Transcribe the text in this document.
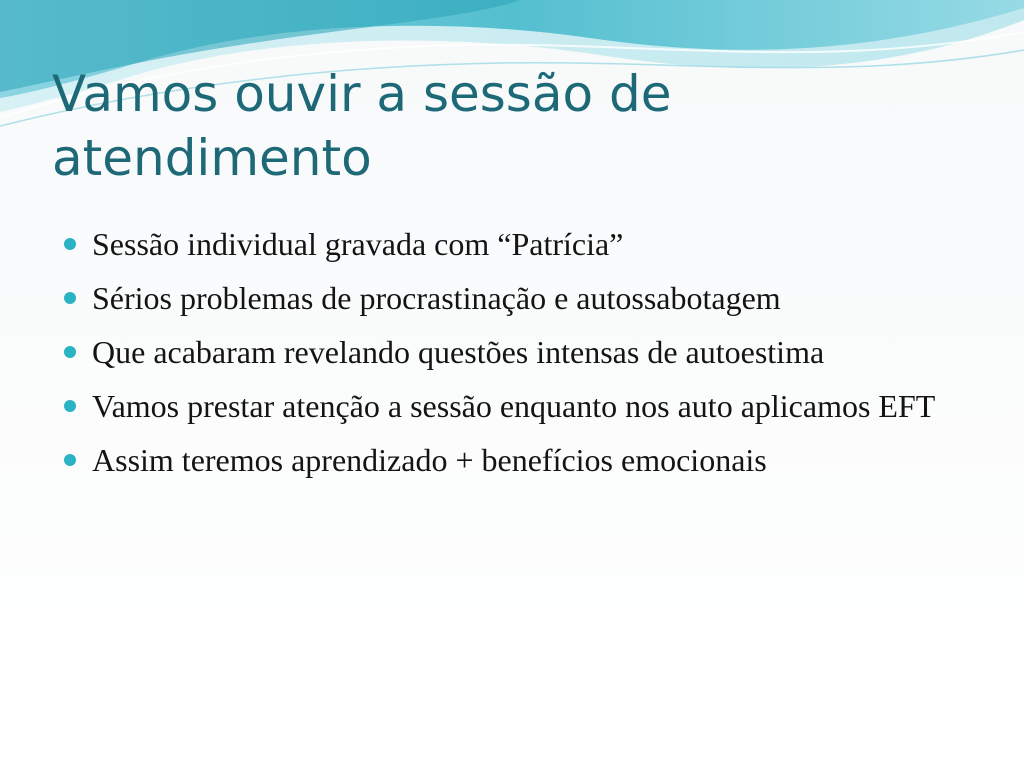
Vamos ouvir a sessão de
atendimento
Sessão individual gravada com “Patrícia”
Sérios problemas de procrastinação e autossabotagem
Que acabaram revelando questões intensas de autoestima
Vamos prestar atenção a sessão enquanto nos auto aplicamos EFT
Assim teremos aprendizado + benefícios emocionais
